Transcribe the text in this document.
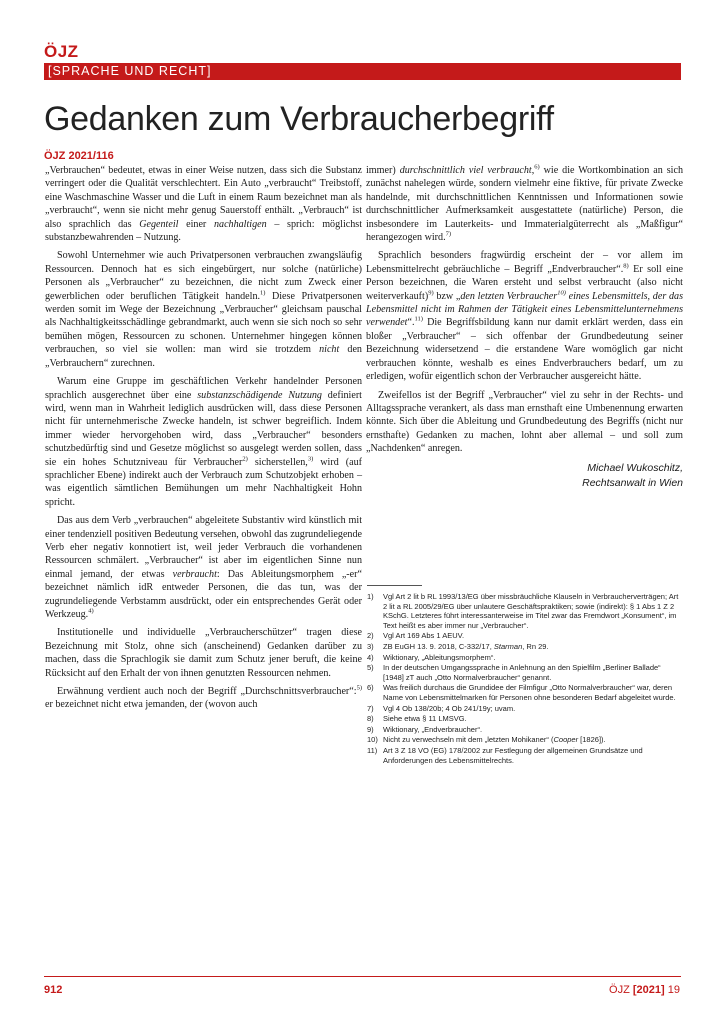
ÖJZ
[SPRACHE UND RECHT]
Gedanken zum Verbraucherbegriff
ÖJZ 2021/116

„Verbrauchen“ bedeutet, etwas in einer Weise nutzen, dass sich die Substanz verringert oder die Qualität verschlechtert. Ein Auto „verbraucht“ Treibstoff, eine Waschmaschine Wasser und die Luft in einem Raum bezeichnet man als „verbraucht“, wenn sie nicht mehr genug Sauerstoff enthält. „Verbrauch“ ist also sprachlich das Gegenteil einer nachhaltigen – sprich: möglichst substanzbewahrenden – Nutzung.

Sowohl Unternehmer wie auch Privatpersonen verbrauchen zwangsläufig Ressourcen. Dennoch hat es sich eingebürgert, nur solche (natürliche) Personen als „Verbraucher“ zu bezeichnen, die nicht zum Zweck einer gewerblichen oder beruflichen Tätigkeit handeln.$^{1)}$ Diese Privatpersonen werden somit im Wege der Bezeichnung „Verbraucher“ gleichsam pauschal als Nachhaltigkeitsschädlinge gebrandmarkt, auch wenn sie sich noch so sehr bemühen mögen, Ressourcen zu schonen. Unternehmer hingegen können verbrauchen, so viel sie wollen: man wird sie trotzdem nicht den „Verbrauchern“ zurechnen.

Warum eine Gruppe im geschäftlichen Verkehr handelnder Personen sprachlich ausgerechnet über eine substanzschädigende Nutzung definiert wird, wenn man in Wahrheit lediglich ausdrücken will, dass diese Personen nicht für unternehmerische Zwecke handeln, ist schwer begreiflich. Indem immer wieder hervorgehoben wird, dass „Verbraucher“ besonders schutzbedürftig sind und Gesetze möglichst so ausgelegt werden sollen, dass sie ein hohes Schutzniveau für Verbraucher$^{2)}$ sicherstellen,$^{3)}$ wird (auf sprachlicher Ebene) indirekt auch der Verbrauch zum Schutzobjekt erhoben – was eigentlich sämtlichen Bemühungen um mehr Nachhaltigkeit Hohn spricht.

Das aus dem Verb „verbrauchen“ abgeleitete Substantiv wird künstlich mit einer tendenziell positiven Bedeutung versehen, obwohl das zugrundeliegende Verb eher negativ konnotiert ist, weil jeder Verbrauch die vorhandenen Ressourcen schmälert. „Verbraucher“ ist aber im eigentlichen Sinne nun einmal jemand, der etwas verbraucht: Das Ableitungsmorphem „-er“ bezeichnet nämlich idR entweder Personen, die das tun, was der zugrundeliegende Verbstamm ausdrückt, oder ein entsprechendes Gerät oder Werkzeug.$^{4)}$

Institutionelle und individuelle „Verbraucherschützer“ tragen diese Bezeichnung mit Stolz, ohne sich (anscheinend) Gedanken darüber zu machen, dass die Sprachlogik sie damit zum Schutz jener beruft, die keine Rücksicht auf den Erhalt der von ihnen genutzten Ressourcen nehmen.

Erwähnung verdient auch noch der Begriff „Durchschnittsverbraucher“:$^{5)}$ er bezeichnet nicht etwa jemanden, der (wovon auch

immer) durchschnittlich viel verbraucht,$^{6)}$ wie die Wortkombination an sich zunächst nahelegen würde, sondern vielmehr eine fiktive, für private Zwecke handelnde, mit durchschnittlichen Kenntnissen und Informationen sowie durchschnittlicher Aufmerksamkeit ausgestattete (natürliche) Person, die insbesondere im Lauterkeits- und Immaterialgüterrecht als „Maßfigur“ herangezogen wird.$^{7)}$

Sprachlich besonders fragwürdig erscheint der – vor allem im Lebensmittelrecht gebräuchliche – Begriff „Endverbraucher“.$^{8)}$ Er soll eine Person bezeichnen, die Waren ersteht und selbst verbraucht (also nicht weiterverkauft)$^{9)}$ bzw „den letzten Verbraucher$^{10)}$ eines Lebensmittels, der das Lebensmittel nicht im Rahmen der Tätigkeit eines Lebensmittelunternehmens verwendet“.$^{11)}$ Die Begriffsbildung kann nur damit erklärt werden, dass ein bloßer „Verbraucher“ – sich offenbar der Grundbedeutung seiner Bezeichnung widersetzend – die erstandene Ware womöglich gar nicht verbrauchen könnte, weshalb es eines Endverbrauchers bedarf, um zu erledigen, wofür eigentlich schon der Verbraucher ausgereicht hätte.

Zweifellos ist der Begriff „Verbraucher“ viel zu sehr in der Rechts- und Alltagssprache verankert, als dass man ernsthaft eine Umbenennung erwarten könnte. Sich über die Ableitung und Grundbedeutung des Begriffs (nicht nur ernsthafte) Gedanken zu machen, lohnt aber allemal – und soll zum „Nachdenken“ anregen.

Michael Wukoschitz,
Rechtsanwalt in Wien
1) Vgl Art 2 lit b RL 1993/13/EG über missbräuchliche Klauseln in Verbraucherverträgen; Art 2 lit a RL 2005/29/EG über unlautere Geschäftspraktiken; sowie (indirekt): § 1 Abs 1 Z 2 KSchG. Letzteres führt interessanterweise im Titel zwar das Fremdwort „Konsument“, im Text heißt es aber immer nur „Verbraucher“.
2) Vgl Art 169 Abs 1 AEUV.
3) ZB EuGH 13. 9. 2018, C-332/17, Starman, Rn 29.
4) Wiktionary, „Ableitungsmorphem“.
5) In der deutschen Umgangssprache in Anlehnung an den Spielfilm „Berliner Ballade“ [1948] zT auch „Otto Normalverbraucher“ genannt.
6) Was freilich durchaus die Grundidee der Filmfigur „Otto Normalverbraucher“ war, deren Name von Lebensmittelmarken für Personen ohne besonderen Bedarf abgeleitet wurde.
7) Vgl 4 Ob 138/20b; 4 Ob 241/19y; uvam.
8) Siehe etwa § 11 LMSVG.
9) Wiktionary, „Endverbraucher“.
10) Nicht zu verwechseln mit dem „letzten Mohikaner“ (Cooper [1826]).
11) Art 3 Z 18 VO (EG) 178/2002 zur Festlegung der allgemeinen Grundsätze und Anforderungen des Lebensmittelrechts.
912	ÖJZ [2021] 19
